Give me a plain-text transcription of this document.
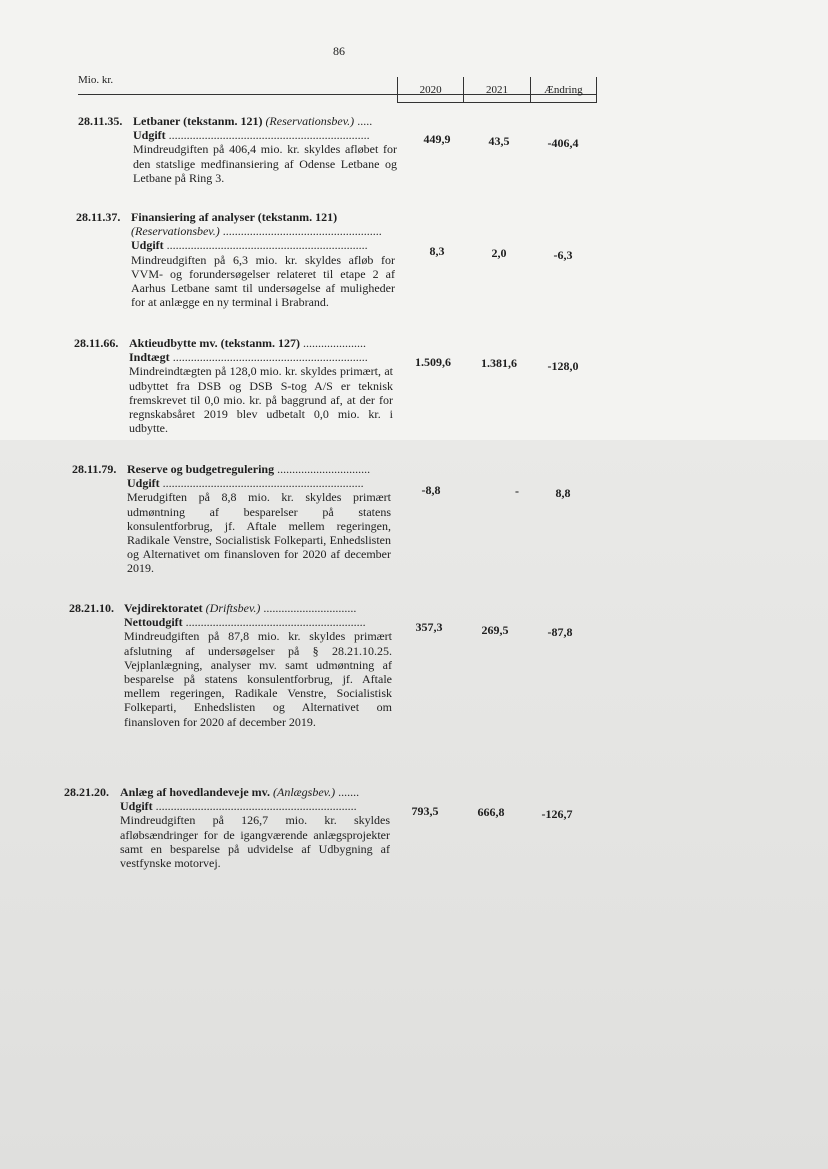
86
Mio. kr.
2020	2021	Ændring
28.11.35. Letbaner (tekstanm. 121) (Reservationsbev.) .....
Udgift ...................................................................
Mindreudgiften på 406,4 mio. kr. skyldes afløbet for den statslige medfinansiering af Odense Letbane og Letbane på Ring 3.
449,9	43,5	-406,4
28.11.37. Finansiering af analyser (tekstanm. 121)
(Reservationsbev.) .....................................................
Udgift ...................................................................
Mindreudgiften på 6,3 mio. kr. skyldes afløb for VVM- og forundersøgelser relateret til etape 2 af Aarhus Letbane samt til undersøgelse af muligheder for at anlægge en ny terminal i Brabrand.
8,3	2,0	-6,3
28.11.66. Aktieudbytte mv. (tekstanm. 127) .....................
Indtægt .................................................................
Mindreindtægten på 128,0 mio. kr. skyldes primært, at udbyttet fra DSB og DSB S-tog A/S er teknisk fremskrevet til 0,0 mio. kr. på baggrund af, at der for regnskabsåret 2019 blev udbetalt 0,0 mio. kr. i udbytte.
1.509,6	1.381,6	-128,0
28.11.79. Reserve og budgetregulering ...............................
Udgift ...................................................................
Merudgiften på 8,8 mio. kr. skyldes primært udmøntning af besparelser på statens konsulentforbrug, jf. Aftale mellem regeringen, Radikale Venstre, Socialistisk Folkeparti, Enhedslisten og Alternativet om finansloven for 2020 af december 2019.
-8,8	-	8,8
28.21.10. Vejdirektoratet (Driftsbev.) ...............................
Nettoudgift ............................................................
Mindreudgiften på 87,8 mio. kr. skyldes primært afslutning af undersøgelser på § 28.21.10.25. Vejplanlægning, analyser mv. samt udmøntning af besparelse på statens konsulentforbrug, jf. Aftale mellem regeringen, Radikale Venstre, Socialistisk Folkeparti, Enhedslisten og Alternativet om finansloven for 2020 af december 2019.
357,3	269,5	-87,8
28.21.20. Anlæg af hovedlandeveje mv. (Anlægsbev.) .......
Udgift ...................................................................
Mindreudgiften på 126,7 mio. kr. skyldes afløbsændringer for de igangværende anlægsprojekter samt en besparelse på udvidelse af Udbygning af vestfynske motorvej.
793,5	666,8	-126,7
